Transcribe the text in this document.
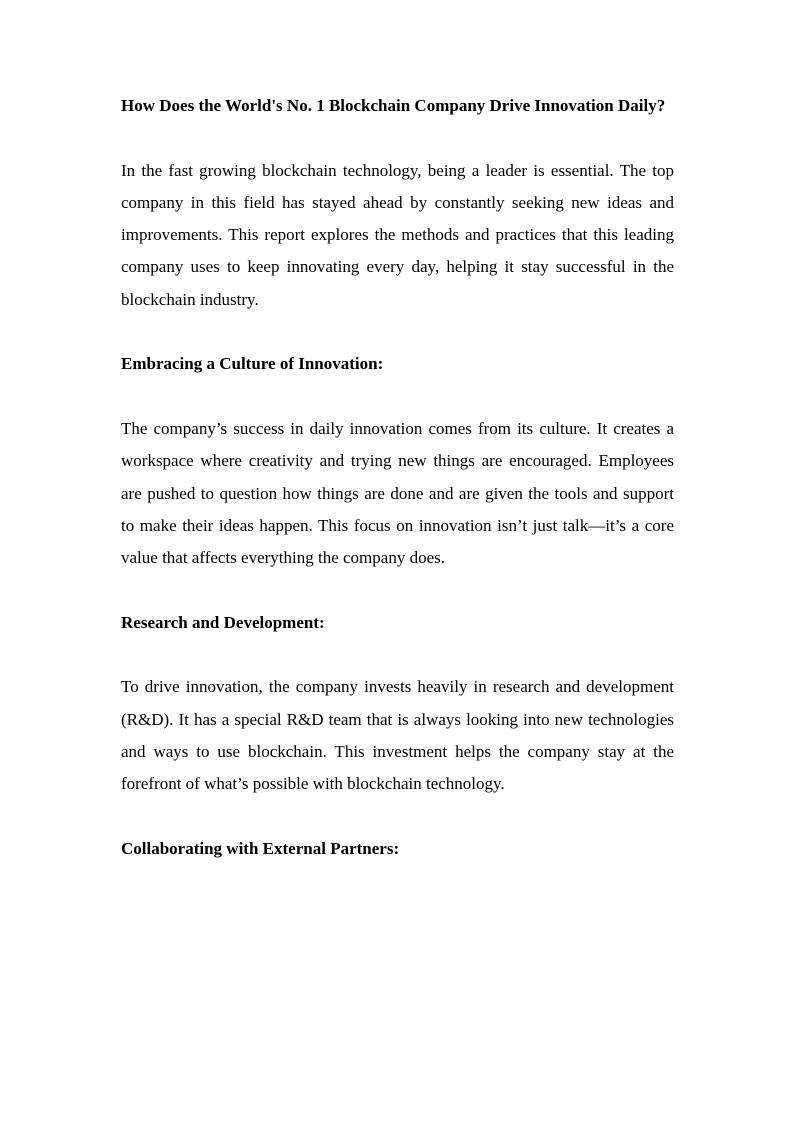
How Does the World's No. 1 Blockchain Company Drive Innovation Daily?

In the fast growing blockchain technology, being a leader is essential. The top company in this field has stayed ahead by constantly seeking new ideas and improvements. This report explores the methods and practices that this leading company uses to keep innovating every day, helping it stay successful in the blockchain industry.

Embracing a Culture of Innovation:

The company’s success in daily innovation comes from its culture. It creates a workspace where creativity and trying new things are encouraged. Employees are pushed to question how things are done and are given the tools and support to make their ideas happen. This focus on innovation isn’t just talk—it’s a core value that affects everything the company does.

Research and Development:

To drive innovation, the company invests heavily in research and development (R&D). It has a special R&D team that is always looking into new technologies and ways to use blockchain. This investment helps the company stay at the forefront of what’s possible with blockchain technology.

Collaborating with External Partners:
